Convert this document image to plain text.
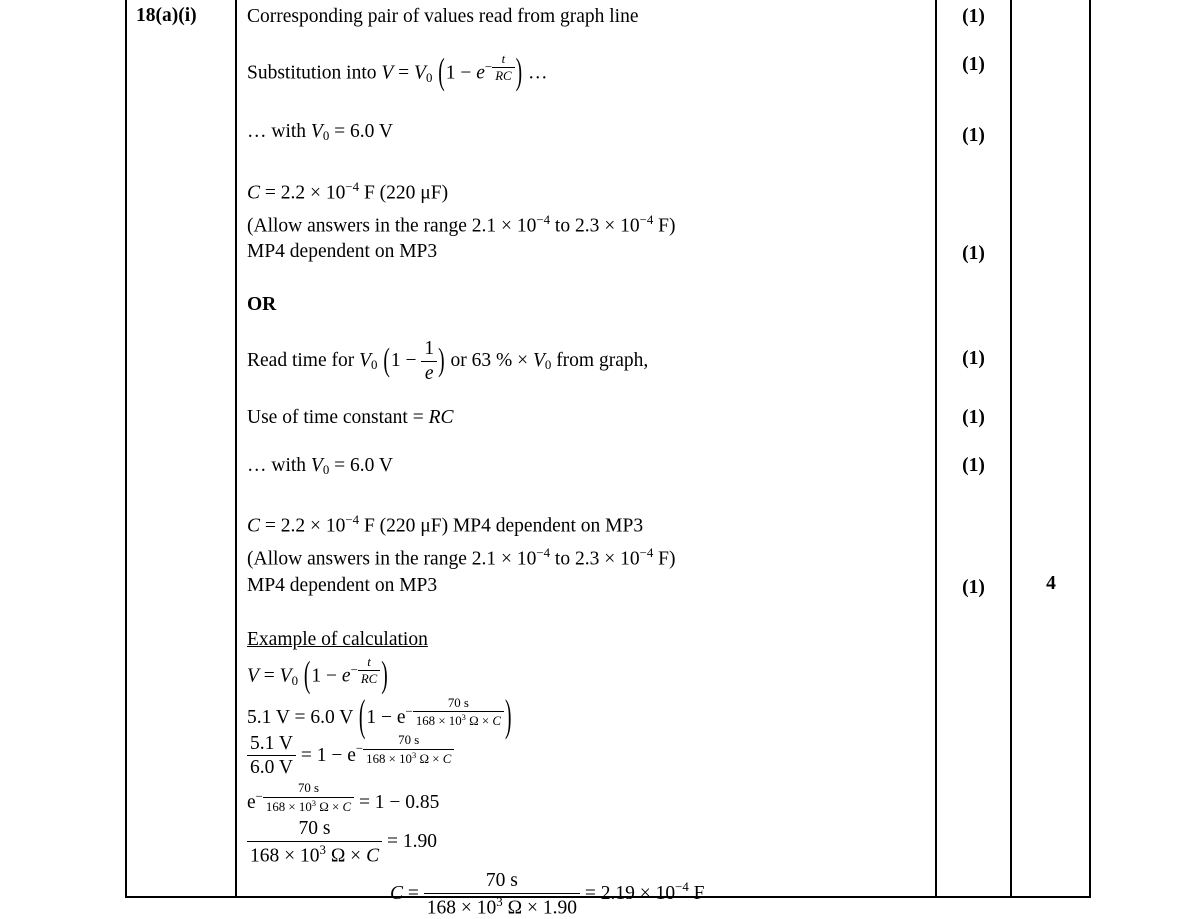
18(a)(i)	Corresponding pair of values read from graph line	(1)
Substitution into V = V0 ($1 - e- \frac{t}{RC}$ ) …	(1)
… with V0 = 6.0 V	(1)
C = 2.2 × 10−4 F (220 μF)
(Allow answers in the range 2.1 × 10−4 to 2.3 × 10−4 F)
MP4 dependent on MP3	(1)
OR
Read time for V0 ($1 - \frac{1}{e}$ ) or 63 % × V0 from graph,	(1)
Use of time constant = RC	(1)
… with V0 = 6.0 V	(1)
C = 2.2 × 10−4 F (220 μF) MP4 dependent on MP3
(Allow answers in the range 2.1 × 10−4 to 2.3 × 10−4 F)
MP4 dependent on MP3	(1)	4
Example of calculation
V = V0 ($1 - e- \frac{t}{RC}$ )
5.1 V = 6.0 V ($1 - e- \frac{70 s}{168 \times 103 \Omega \times C}$ )
$\frac{5.1 V}{6.0 V} = 1 - e- \frac{70 s}{168 \times 103 \Omega \times C}$
$e- \frac{70 s}{168 \times 103 \Omega \times C} = 1 - 0.85$
$\frac{70 s}{168 \times 103 \Omega \times C} = 1.90$
$C = \frac{70 s}{168 \times 103 \Omega \times 1.90} = 2.19 \times 10-4$ F
